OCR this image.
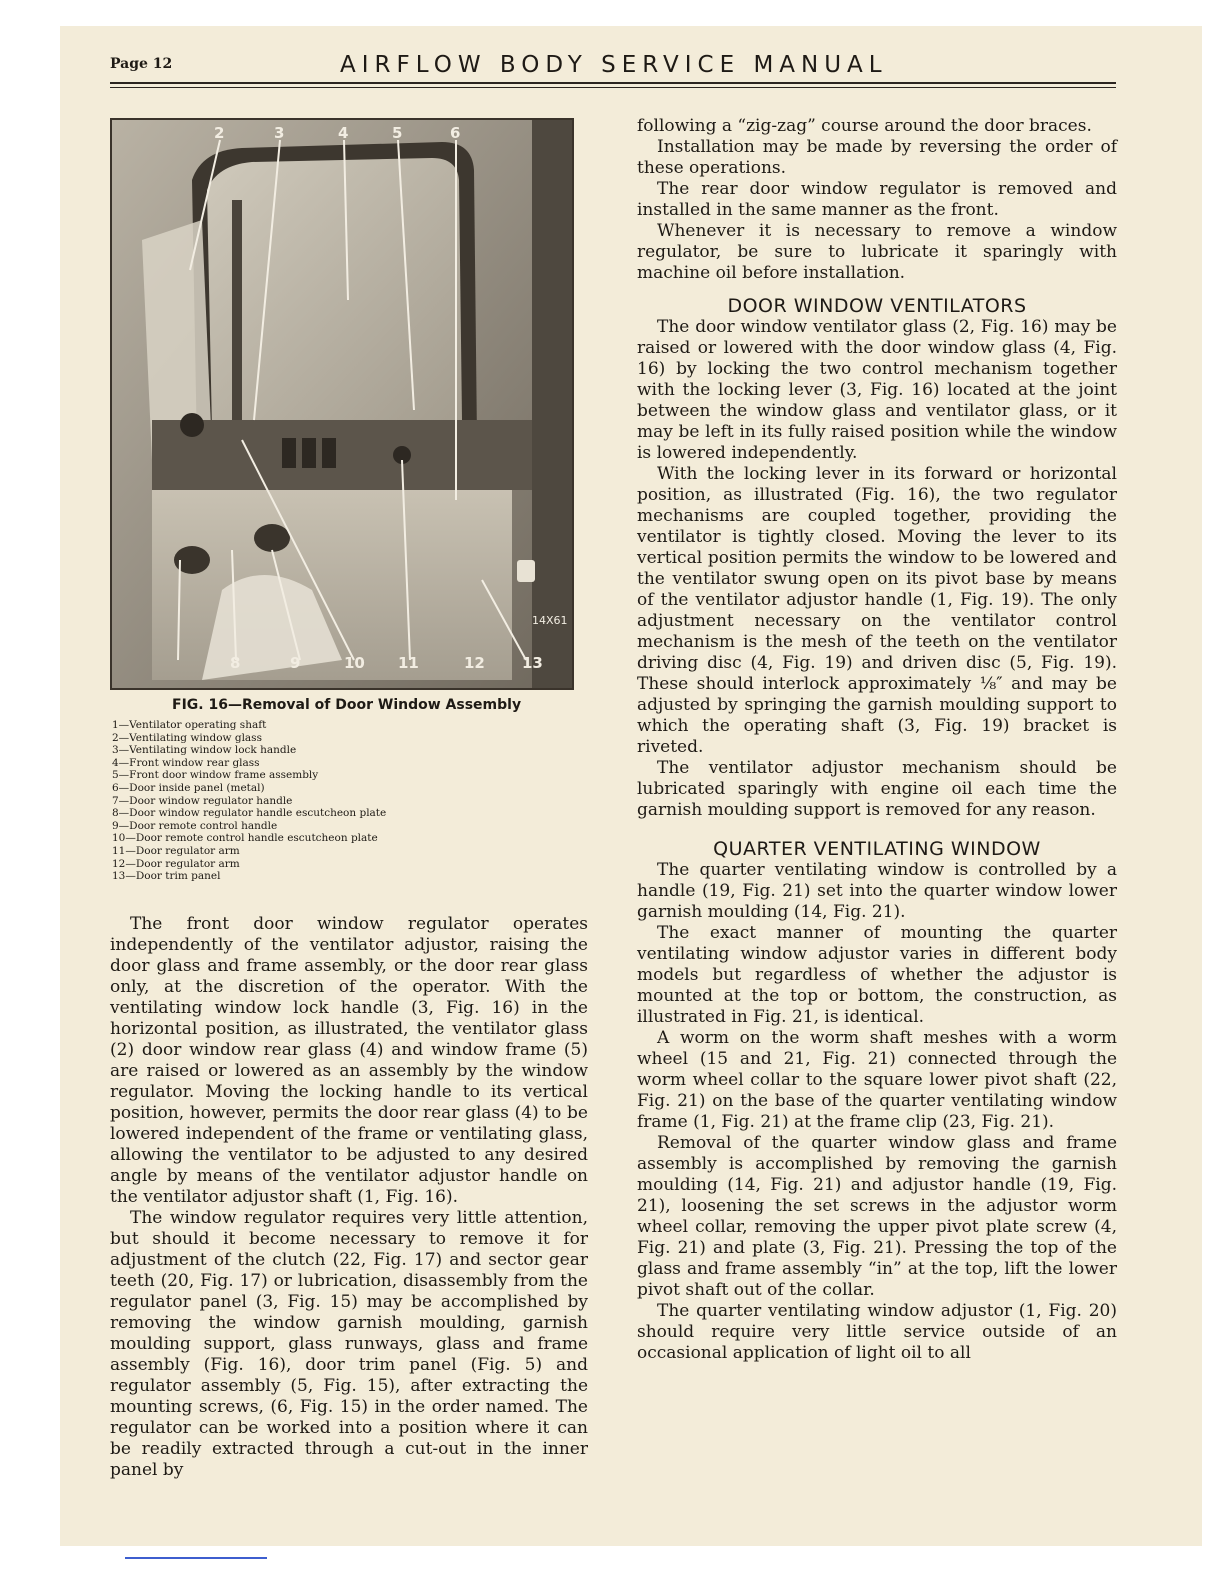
Page 12	AIRFLOW BODY SERVICE MANUAL
2	3	4	5	6
8	9	10 11	12 13
14X61
FIG. 16—Removal of Door Window Assembly
1—Ventilator operating shaft
2—Ventilating window glass
3—Ventilating window lock handle
4—Front window rear glass
5—Front door window frame assembly
6—Door inside panel (metal)
7—Door window regulator handle
8—Door window regulator handle escutcheon plate
9—Door remote control handle
10—Door remote control handle escutcheon plate
11—Door regulator arm
12—Door regulator arm
13—Door trim panel

The front door window regulator operates independently of the ventilator adjustor, raising the door glass and frame assembly, or the door rear glass only, at the discretion of the operator. With the ventilating window lock handle (3, Fig. 16) in the horizontal position, as illustrated, the ventilator glass (2) door window rear glass (4) and window frame (5) are raised or lowered as an assembly by the window regulator. Moving the locking handle to its vertical position, however, permits the door rear glass (4) to be lowered independent of the frame or ventilating glass, allowing the ventilator to be adjusted to any desired angle by means of the ventilator adjustor handle on the ventilator adjustor shaft (1, Fig. 16).

The window regulator requires very little attention, but should it become necessary to remove it for adjustment of the clutch (22, Fig. 17) and sector gear teeth (20, Fig. 17) or lubrication, disassembly from the regulator panel (3, Fig. 15) may be accomplished by removing the window garnish moulding, garnish moulding support, glass runways, glass and frame assembly (Fig. 16), door trim panel (Fig. 5) and regulator assembly (5, Fig. 15), after extracting the mounting screws, (6, Fig. 15) in the order named. The regulator can be worked into a position where it can be readily extracted through a cut-out in the inner panel by

following a “zig-zag” course around the door braces.

Installation may be made by reversing the order of these operations.

The rear door window regulator is removed and installed in the same manner as the front.

Whenever it is necessary to remove a window regulator, be sure to lubricate it sparingly with machine oil before installation.

DOOR WINDOW VENTILATORS

The door window ventilator glass (2, Fig. 16) may be raised or lowered with the door window glass (4, Fig. 16) by locking the two control mechanism together with the locking lever (3, Fig. 16) located at the joint between the window glass and ventilator glass, or it may be left in its fully raised position while the window is lowered independently.

With the locking lever in its forward or horizontal position, as illustrated (Fig. 16), the two regulator mechanisms are coupled together, providing the ventilator is tightly closed. Moving the lever to its vertical position permits the window to be lowered and the ventilator swung open on its pivot base by means of the ventilator adjustor handle (1, Fig. 19). The only adjustment necessary on the ventilator control mechanism is the mesh of the teeth on the ventilator driving disc (4, Fig. 19) and driven disc (5, Fig. 19). These should interlock approximately ⅛″ and may be adjusted by springing the garnish moulding support to which the operating shaft (3, Fig. 19) bracket is riveted.

The ventilator adjustor mechanism should be lubricated sparingly with engine oil each time the garnish moulding support is removed for any reason.

QUARTER VENTILATING WINDOW

The quarter ventilating window is controlled by a handle (19, Fig. 21) set into the quarter window lower garnish moulding (14, Fig. 21).

The exact manner of mounting the quarter ventilating window adjustor varies in different body models but regardless of whether the adjustor is mounted at the top or bottom, the construction, as illustrated in Fig. 21, is identical.

A worm on the worm shaft meshes with a worm wheel (15 and 21, Fig. 21) connected through the worm wheel collar to the square lower pivot shaft (22, Fig. 21) on the base of the quarter ventilating window frame (1, Fig. 21) at the frame clip (23, Fig. 21).

Removal of the quarter window glass and frame assembly is accomplished by removing the garnish moulding (14, Fig. 21) and adjustor handle (19, Fig. 21), loosening the set screws in the adjustor worm wheel collar, removing the upper pivot plate screw (4, Fig. 21) and plate (3, Fig. 21). Pressing the top of the glass and frame assembly “in” at the top, lift the lower pivot shaft out of the collar.

The quarter ventilating window adjustor (1, Fig. 20) should require very little service outside of an occasional application of light oil to all
